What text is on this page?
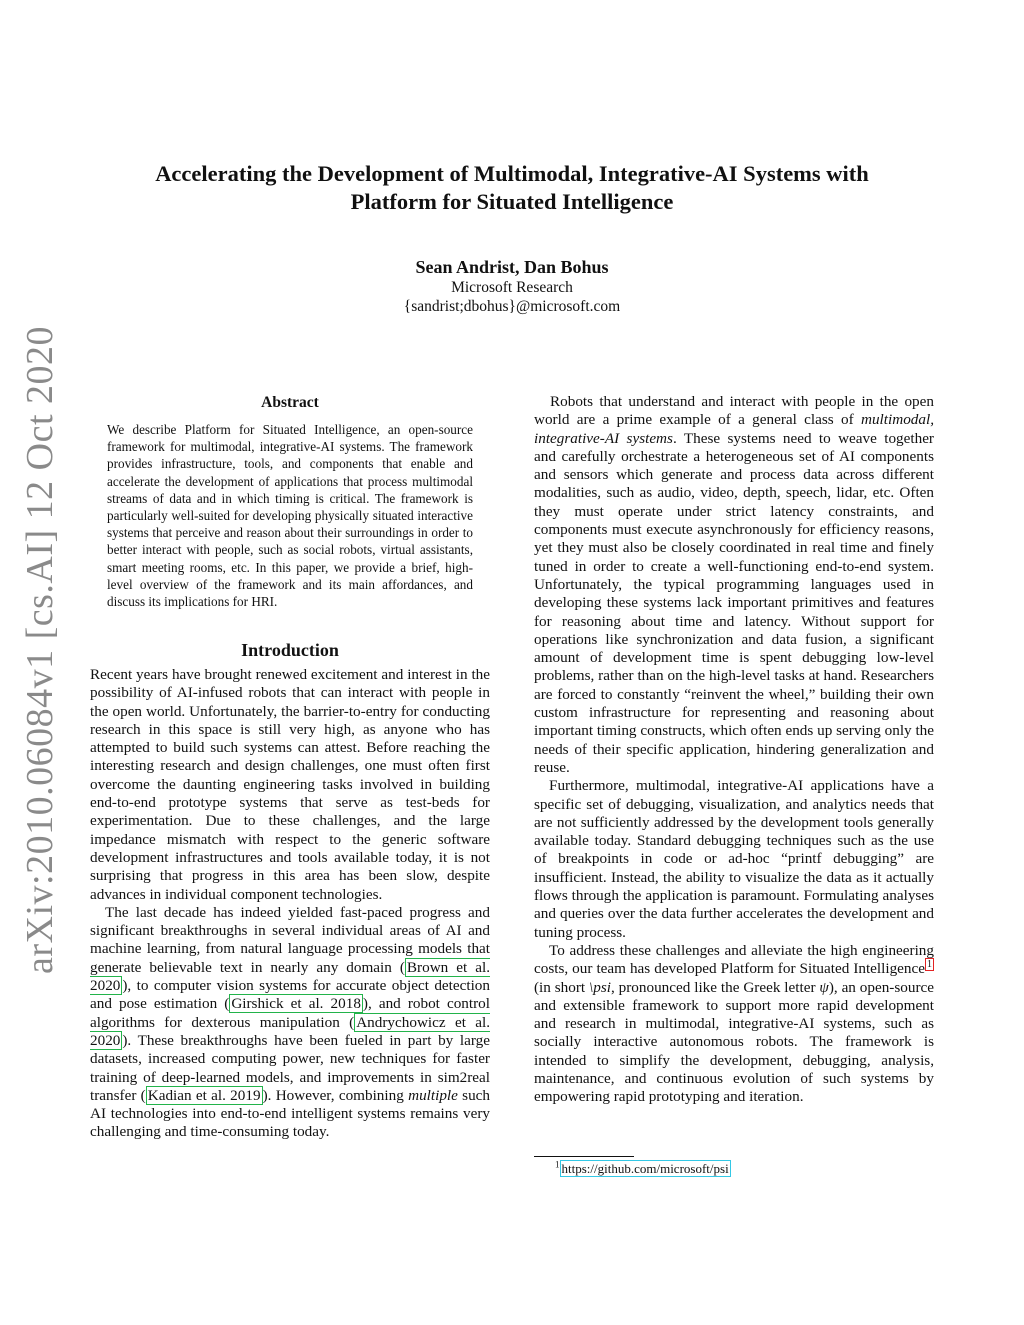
arXiv:2010.06084v1 [cs.AI] 12 Oct 2020
Accelerating the Development of Multimodal, Integrative-AI Systems with
Platform for Situated Intelligence
Sean Andrist, Dan Bohus
Microsoft Research
{sandrist;dbohus}@microsoft.com
Abstract
We describe Platform for Situated Intelligence, an open-source framework for multimodal, integrative-AI systems. The framework provides infrastructure, tools, and components that enable and accelerate the development of applications that process multimodal streams of data and in which timing is critical. The framework is particularly well-suited for developing physically situated interactive systems that perceive and reason about their surroundings in order to better interact with people, such as social robots, virtual assistants, smart meeting rooms, etc. In this paper, we provide a brief, high-level overview of the framework and its main affordances, and discuss its implications for HRI.
Introduction

Recent years have brought renewed excitement and interest in the possibility of AI-infused robots that can interact with people in the open world. Unfortunately, the barrier-to-entry for conducting research in this space is still very high, as anyone who has attempted to build such systems can attest. Before reaching the interesting research and design challenges, one must often first overcome the daunting engineering tasks involved in building end-to-end prototype systems that serve as test-beds for experimentation. Due to these challenges, and the large impedance mismatch with respect to the generic software development infrastructures and tools available today, it is not surprising that progress in this area has been slow, despite advances in individual component technologies.

The last decade has indeed yielded fast-paced progress and significant breakthroughs in several individual areas of AI and machine learning, from natural language processing models that generate believable text in nearly any domain ( Brown et al. 2020 ), to computer vision systems for accurate object detection and pose estimation ( Girshick et al. 2018 ), and robot control algorithms for dexterous manipulation ( Andrychowicz et al. 2020 ). These breakthroughs have been fueled in part by large datasets, increased computing power, new techniques for faster training of deep-learned models, and improvements in sim2real transfer ( Kadian et al. 2019 ). However, combining multiple such AI technologies into end-to-end intelligent systems remains very challenging and time-consuming today.

Robots that understand and interact with people in the open world are a prime example of a general class of multimodal, integrative-AI systems. These systems need to weave together and carefully orchestrate a heterogeneous set of AI components and sensors which generate and process data across different modalities, such as audio, video, depth, speech, lidar, etc. Often they must operate under strict latency constraints, and components must execute asynchronously for efficiency reasons, yet they must also be closely coordinated in real time and finely tuned in order to create a well-functioning end-to-end system. Unfortunately, the typical programming languages used in developing these systems lack important primitives and features for reasoning about time and latency. Without support for operations like synchronization and data fusion, a significant amount of development time is spent debugging low-level problems, rather than on the high-level tasks at hand. Researchers are forced to constantly “reinvent the wheel,” building their own custom infrastructure for representing and reasoning about important timing constructs, which often ends up serving only the needs of their specific application, hindering generalization and reuse.

Furthermore, multimodal, integrative-AI applications have a specific set of debugging, visualization, and analytics needs that are not sufficiently addressed by the development tools generally available today. Standard debugging techniques such as the use of breakpoints in code or ad-hoc “printf debugging” are insufficient. Instead, the ability to visualize the data as it actually flows through the application is paramount. Formulating analyses and queries over the data further accelerates the development and tuning process.

To address these challenges and alleviate the high engineering costs, our team has developed Platform for Situated Intelligence $^1$ (in short \psi, pronounced like the Greek letter ψ), an open-source and extensible framework to support more rapid development and research in multimodal, integrative-AI systems, such as socially interactive autonomous robots. The framework is intended to simplify the development, debugging, analysis, maintenance, and continuous evolution of such systems by empowering rapid prototyping and iteration.

$^1$ https://github.com/microsoft/psi
